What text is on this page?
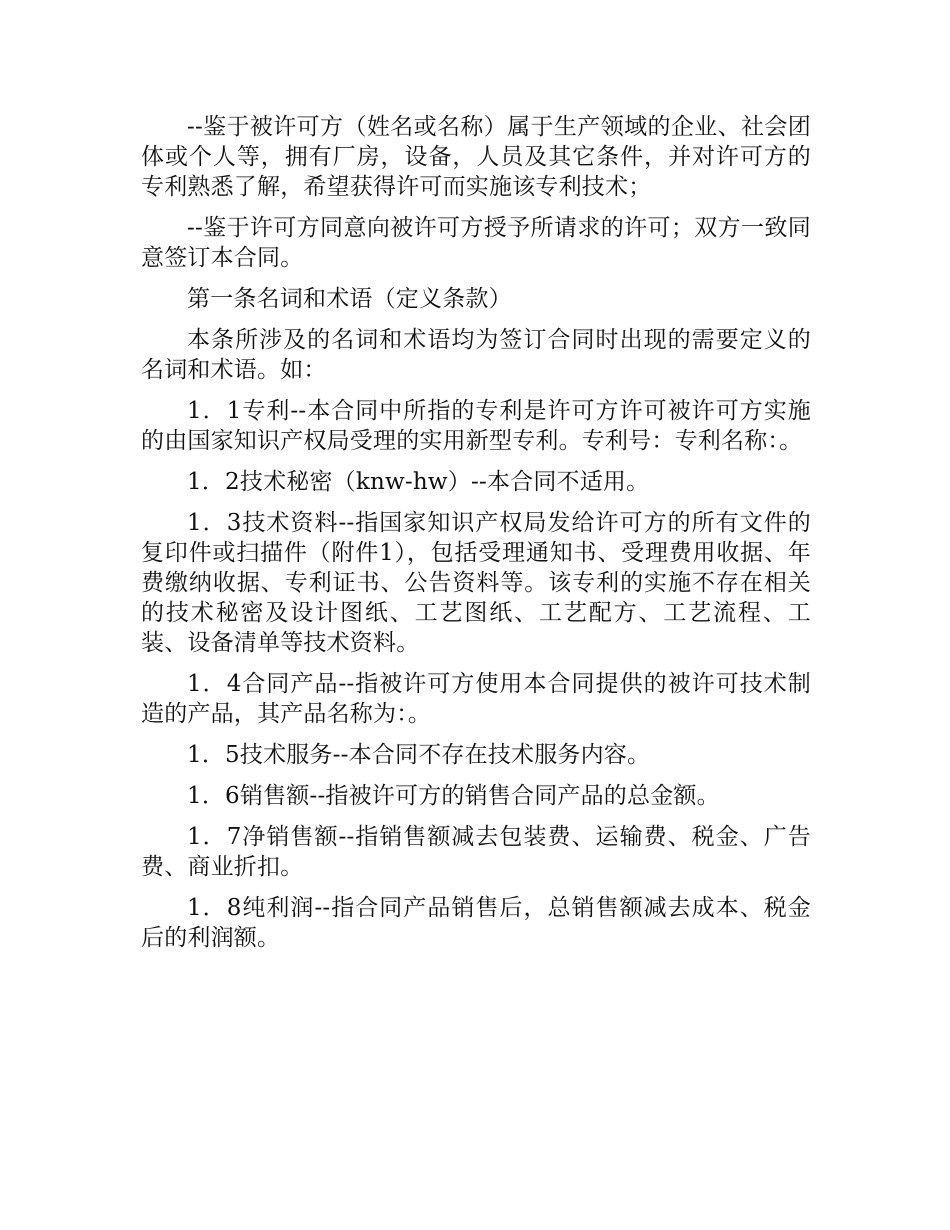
--鉴于被许可方（姓名或名称）属于生产领域的企业、社会团体或个人等，拥有厂房，设备，人员及其它条件，并对许可方的专利熟悉了解，希望获得许可而实施该专利技术；

--鉴于许可方同意向被许可方授予所请求的许可；双方一致同意签订本合同。

第一条名词和术语（定义条款）

本条所涉及的名词和术语均为签订合同时出现的需要定义的名词和术语。如：

1．1专利--本合同中所指的专利是许可方许可被许可方实施的由国家知识产权局受理的实用新型专利。专利号：专利名称：。

1．2技术秘密（knw-hw）--本合同不适用。

1．3技术资料--指国家知识产权局发给许可方的所有文件的复印件或扫描件（附件1），包括受理通知书、受理费用收据、年费缴纳收据、专利证书、公告资料等。该专利的实施不存在相关的技术秘密及设计图纸、工艺图纸、工艺配方、工艺流程、工装、设备清单等技术资料。

1．4合同产品--指被许可方使用本合同提供的被许可技术制造的产品，其产品名称为：。

1．5技术服务--本合同不存在技术服务内容。

1．6销售额--指被许可方的销售合同产品的总金额。

1．7净销售额--指销售额减去包装费、运输费、税金、广告费、商业折扣。

1．8纯利润--指合同产品销售后，总销售额减去成本、税金后的利润额。
